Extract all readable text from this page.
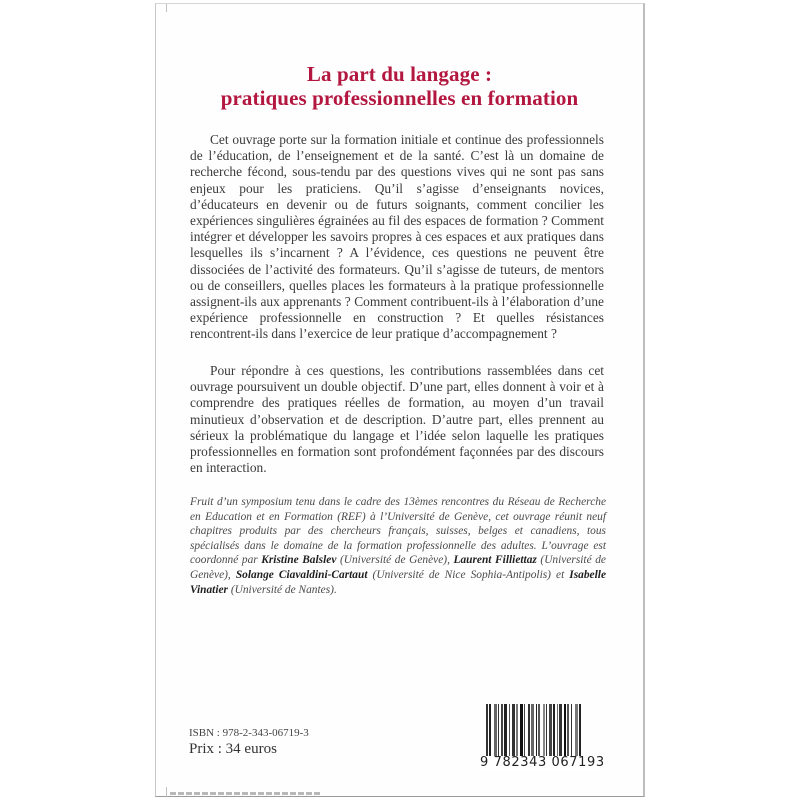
La part du langage :
pratiques professionnelles en formation
Cet ouvrage porte sur la formation initiale et continue des professionnels de l’éducation, de l’enseignement et de la santé. C’est là un domaine de recherche fécond, sous-tendu par des questions vives qui ne sont pas sans enjeux pour les praticiens. Qu’il s’agisse d’enseignants novices, d’éducateurs en devenir ou de futurs soignants, comment concilier les expériences singulières égrainées au fil des espaces de formation ? Comment intégrer et développer les savoirs propres à ces espaces et aux pratiques dans lesquelles ils s’incarnent ? A l’évidence, ces questions ne peuvent être dissociées de l’activité des formateurs. Qu’il s’agisse de tuteurs, de mentors ou de conseillers, quelles places les formateurs à la pratique professionnelle assignent-ils aux apprenants ? Comment contribuent-ils à l’élaboration d’une expérience professionnelle en construction ? Et quelles résistances rencontrent-ils dans l’exercice de leur pratique d’accompagnement ?
Pour répondre à ces questions, les contributions rassemblées dans cet ouvrage poursuivent un double objectif. D’une part, elles donnent à voir et à comprendre des pratiques réelles de formation, au moyen d’un travail minutieux d’observation et de description. D’autre part, elles prennent au sérieux la problématique du langage et l’idée selon laquelle les pratiques professionnelles en formation sont profondément façonnées par des discours en interaction.
Fruit d’un symposium tenu dans le cadre des 13èmes rencontres du Réseau de Recherche en Education et en Formation (REF) à l’Université de Genève, cet ouvrage réunit neuf chapitres produits par des chercheurs français, suisses, belges et canadiens, tous spécialisés dans le domaine de la formation professionnelle des adultes. L’ouvrage est coordonné par Kristine Balslev (Université de Genève), Laurent Filliettaz (Université de Genève), Solange Ciavaldini-Cartaut (Université de Nice Sophia-Antipolis) et Isabelle Vinatier (Université de Nantes).
ISBN : 978-2-343-06719-3
Prix : 34 euros
9 782343 067193
